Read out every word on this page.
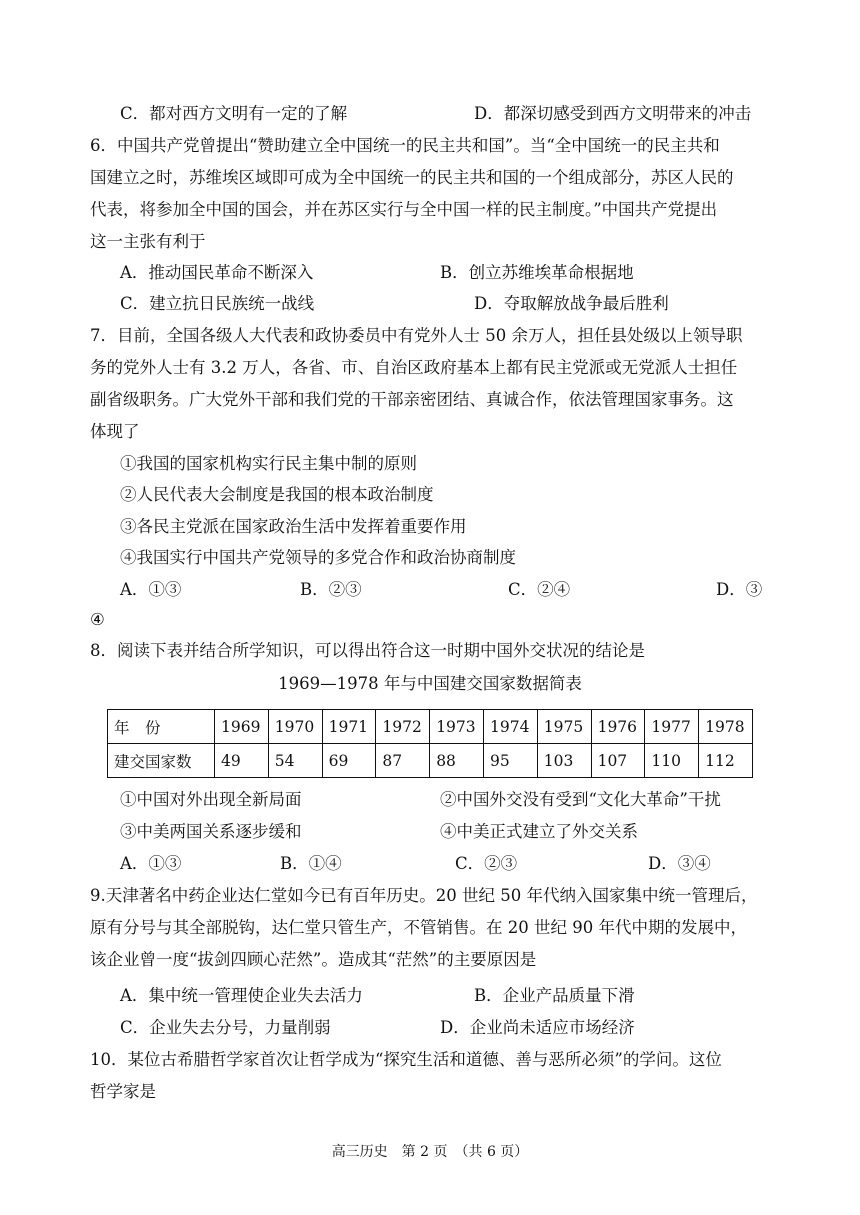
C．都对西方文明有一定的了解	D．都深切感受到西方文明带来的冲击
6．中国共产党曾提出“赞助建立全中国统一的民主共和国”。当“全中国统一的民主共和
国建立之时，苏维埃区域即可成为全中国统一的民主共和国的一个组成部分，苏区人民的
代表，将参加全中国的国会，并在苏区实行与全中国一样的民主制度。”中国共产党提出
这一主张有利于
A．推动国民革命不断深入	B．创立苏维埃革命根据地
C．建立抗日民族统一战线	D．夺取解放战争最后胜利
7．目前，全国各级人大代表和政协委员中有党外人士 50 余万人，担任县处级以上领导职
务的党外人士有 3.2 万人，各省、市、自治区政府基本上都有民主党派或无党派人士担任
副省级职务。广大党外干部和我们党的干部亲密团结、真诚合作，依法管理国家事务。这
体现了
①我国的国家机构实行民主集中制的原则
②人民代表大会制度是我国的根本政治制度
③各民主党派在国家政治生活中发挥着重要作用
④我国实行中国共产党领导的多党合作和政治协商制度
A．①③	B．②③	C．②④	D．③
④
8．阅读下表并结合所学知识，可以得出符合这一时期中国外交状况的结论是
1969—1978 年与中国建交国家数据简表
年　份	1969	1970	1971	1972	1973	1974	1975	1976	1977	1978
建交国家数	49	54	69	87	88	95	103	107	110	112
①中国对外出现全新局面	②中国外交没有受到“文化大革命”干扰
③中美两国关系逐步缓和	④中美正式建立了外交关系
A．①③	B．①④	C．②③	D．③④
9.天津著名中药企业达仁堂如今已有百年历史。20 世纪 50 年代纳入国家集中统一管理后，
原有分号与其全部脱钩，达仁堂只管生产，不管销售。在 20 世纪 90 年代中期的发展中，
该企业曾一度“拔剑四顾心茫然”。造成其“茫然”的主要原因是
A．集中统一管理使企业失去活力	B．企业产品质量下滑
C．企业失去分号，力量削弱	D．企业尚未适应市场经济
10．某位古希腊哲学家首次让哲学成为“探究生活和道德、善与恶所必须”的学问。这位
哲学家是
高三历史　第 2 页　（共 6 页）
